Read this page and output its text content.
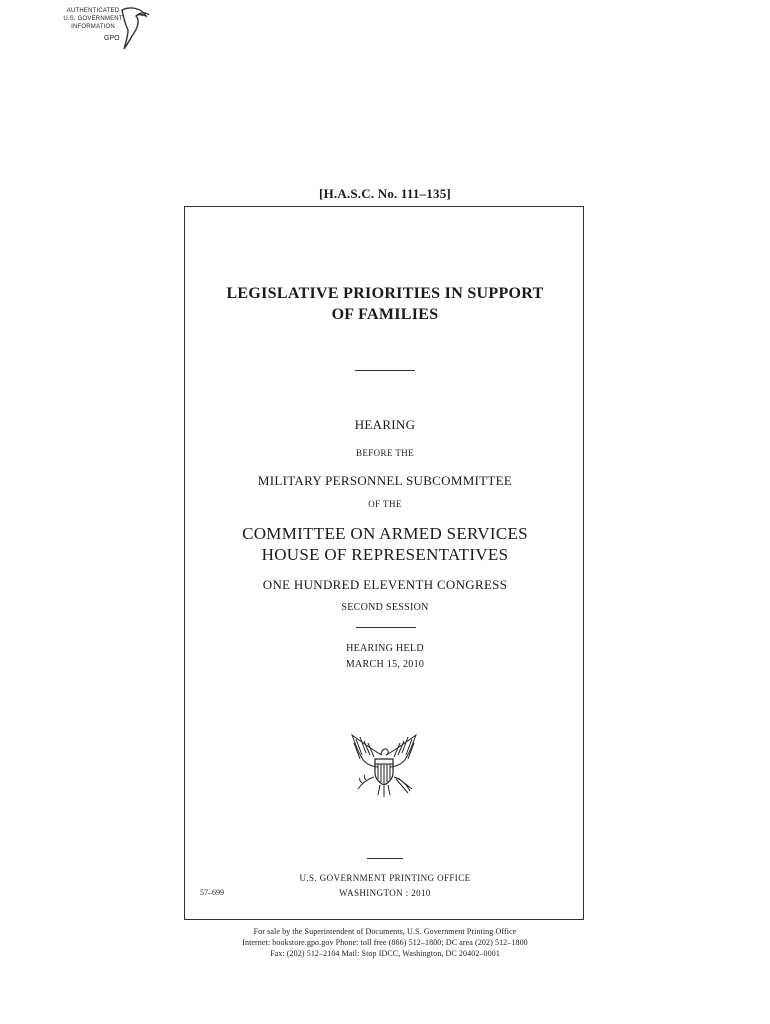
AUTHENTICATED
U.S. GOVERNMENT
INFORMATION
GPO
[H.A.S.C. No. 111–135]
LEGISLATIVE PRIORITIES IN SUPPORT
OF FAMILIES
HEARING
BEFORE THE
MILITARY PERSONNEL SUBCOMMITTEE
OF THE
COMMITTEE ON ARMED SERVICES
HOUSE OF REPRESENTATIVES
ONE HUNDRED ELEVENTH CONGRESS
SECOND SESSION
HEARING HELD
MARCH 15, 2010
U.S. GOVERNMENT PRINTING OFFICE
WASHINGTON : 2010
57–699
For sale by the Superintendent of Documents, U.S. Government Printing Office
Internet: bookstore.gpo.gov Phone: toll free (866) 512–1800; DC area (202) 512–1800
Fax: (202) 512–2104 Mail: Stop IDCC, Washington, DC 20402–0001
